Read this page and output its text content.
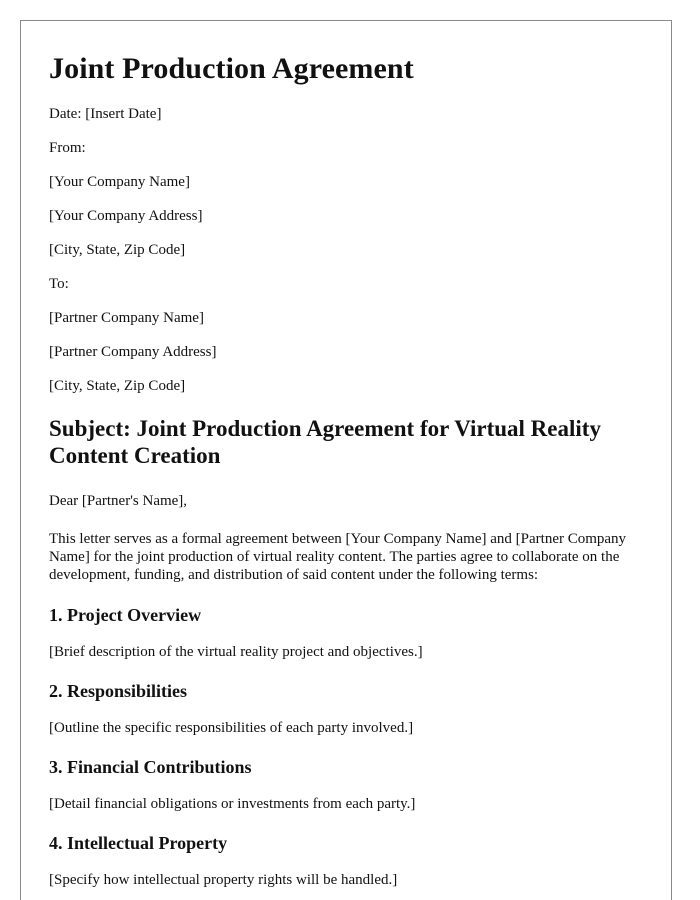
Joint Production Agreement
Date: [Insert Date]
From:
[Your Company Name]
[Your Company Address]
[City, State, Zip Code]
To:
[Partner Company Name]
[Partner Company Address]
[City, State, Zip Code]
Subject: Joint Production Agreement for Virtual Reality Content Creation
Dear [Partner's Name],
This letter serves as a formal agreement between [Your Company Name] and [Partner Company Name] for the joint production of virtual reality content. The parties agree to collaborate on the development, funding, and distribution of said content under the following terms:
1. Project Overview
[Brief description of the virtual reality project and objectives.]
2. Responsibilities
[Outline the specific responsibilities of each party involved.]
3. Financial Contributions
[Detail financial obligations or investments from each party.]
4. Intellectual Property
[Specify how intellectual property rights will be handled.]
